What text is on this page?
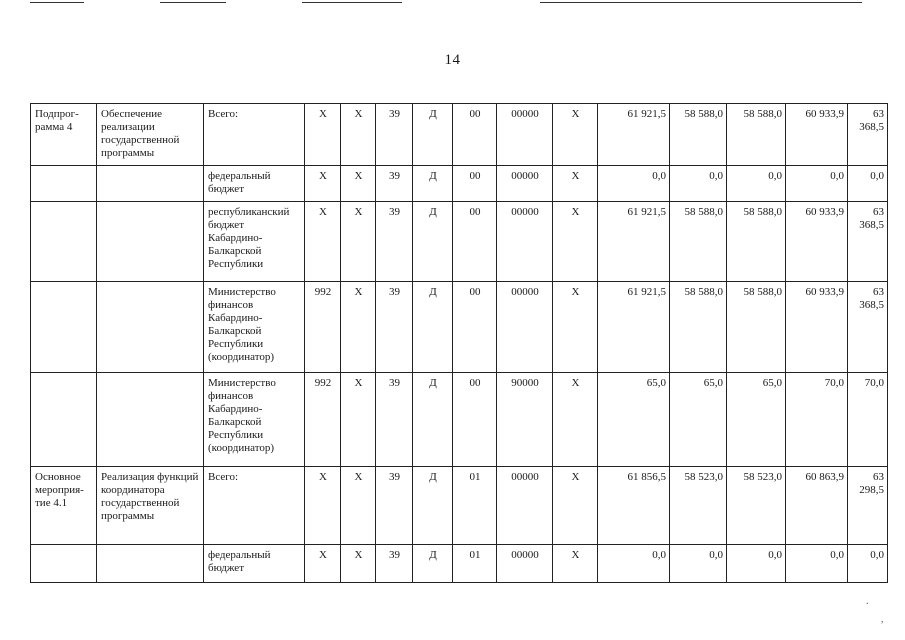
14
Подпрог-рамма 4	Обеспечение реализации государственной программы	Всего:	Х	Х	39	Д	00	00000	Х	61 921,5	58 588,0	58 588,0	60 933,9	63 368,5
		федеральный бюджет	Х	Х	39	Д	00	00000	Х	0,0	0,0	0,0	0,0	0,0
		республиканский бюджет Кабардино-Балкарской Республики	Х	Х	39	Д	00	00000	Х	61 921,5	58 588,0	58 588,0	60 933,9	63 368,5
		Министерство финансов Кабардино-Балкарской Республики (координатор)	992	Х	39	Д	00	00000	Х	61 921,5	58 588,0	58 588,0	60 933,9	63 368,5
		Министерство финансов Кабардино-Балкарской Республики (координатор)	992	Х	39	Д	00	90000	Х	65,0	65,0	65,0	70,0	70,0
Основное мероприя-тие 4.1	Реализация функций координатора государственной программы	Всего:	Х	Х	39	Д	01	00000	Х	61 856,5	58 523,0	58 523,0	60 863,9	63 298,5
		федеральный бюджет	Х	Х	39	Д	01	00000	Х	0,0	0,0	0,0	0,0	0,0
.
,
